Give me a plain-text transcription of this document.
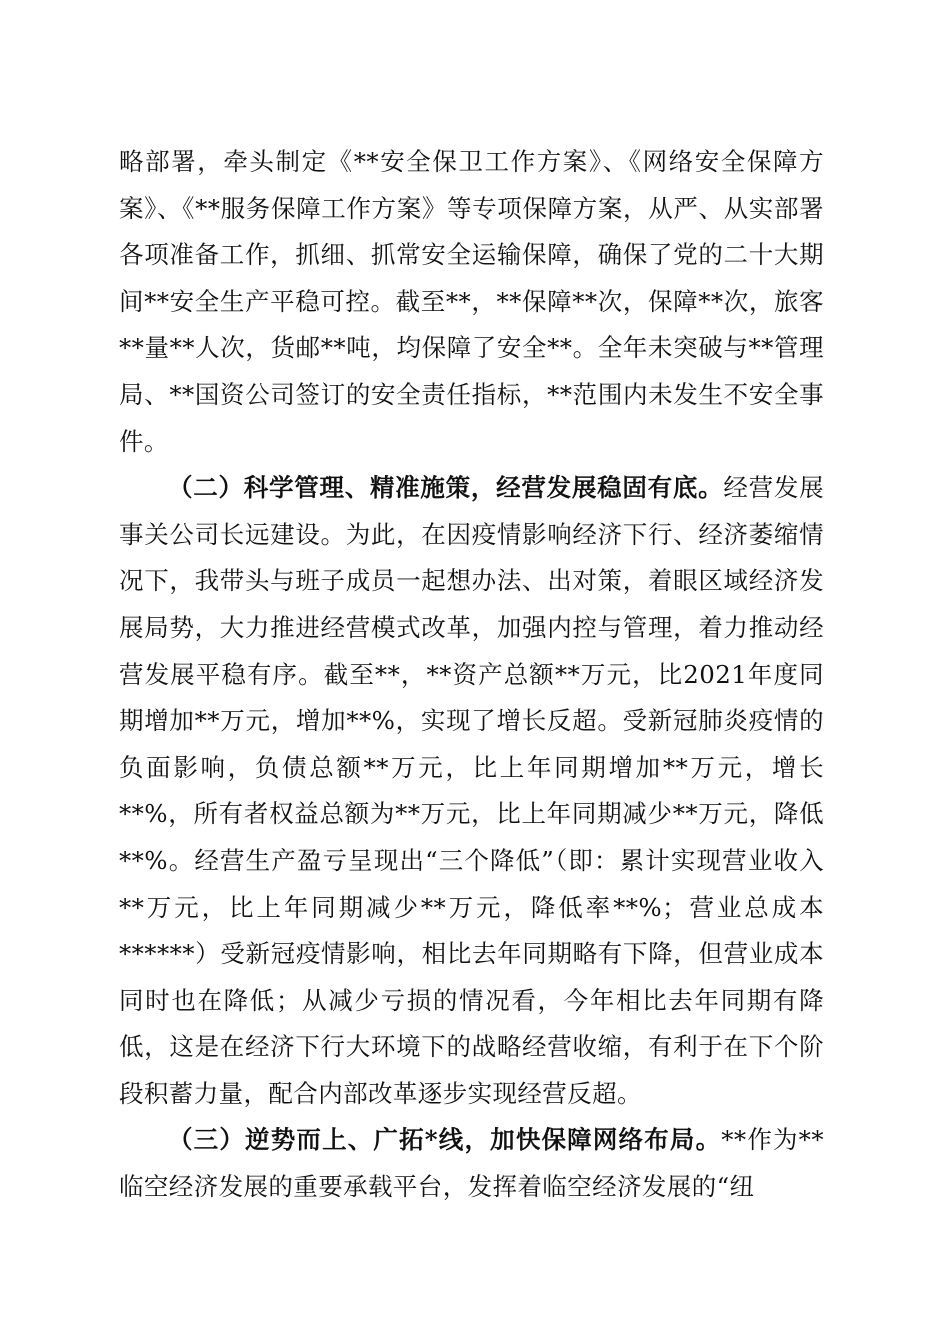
略部署，牵头制定《**安全保卫工作方案》、《网络安全保障方案》、《**服务保障工作方案》等专项保障方案，从严、从实部署各项准备工作，抓细、抓常安全运输保障，确保了党的二十大期间**安全生产平稳可控。截至**，**保障**次，保障**次，旅客**量**人次，货邮**吨，均保障了安全**。全年未突破与**管理局、**国资公司签订的安全责任指标，**范围内未发生不安全事件。

（二）科学管理、精准施策，经营发展稳固有底。经营发展事关公司长远建设。为此，在因疫情影响经济下行、经济萎缩情况下，我带头与班子成员一起想办法、出对策，着眼区域经济发展局势，大力推进经营模式改革，加强内控与管理，着力推动经营发展平稳有序。截至**，**资产总额**万元，比2021年度同期增加**万元，增加**%，实现了增长反超。受新冠肺炎疫情的负面影响，负债总额**万元，比上年同期增加**万元，增长**%，所有者权益总额为**万元，比上年同期减少**万元，降低**%。经营生产盈亏呈现出“三个降低”（即：累计实现营业收入**万元，比上年同期减少**万元，降低率**%；营业总成本******）受新冠疫情影响，相比去年同期略有下降，但营业成本同时也在降低；从减少亏损的情况看，今年相比去年同期有降低，这是在经济下行大环境下的战略经营收缩，有利于在下个阶段积蓄力量，配合内部改革逐步实现经营反超。

（三）逆势而上、广拓*线，加快保障网络布局。**作为**临空经济发展的重要承载平台，发挥着临空经济发展的“纽
